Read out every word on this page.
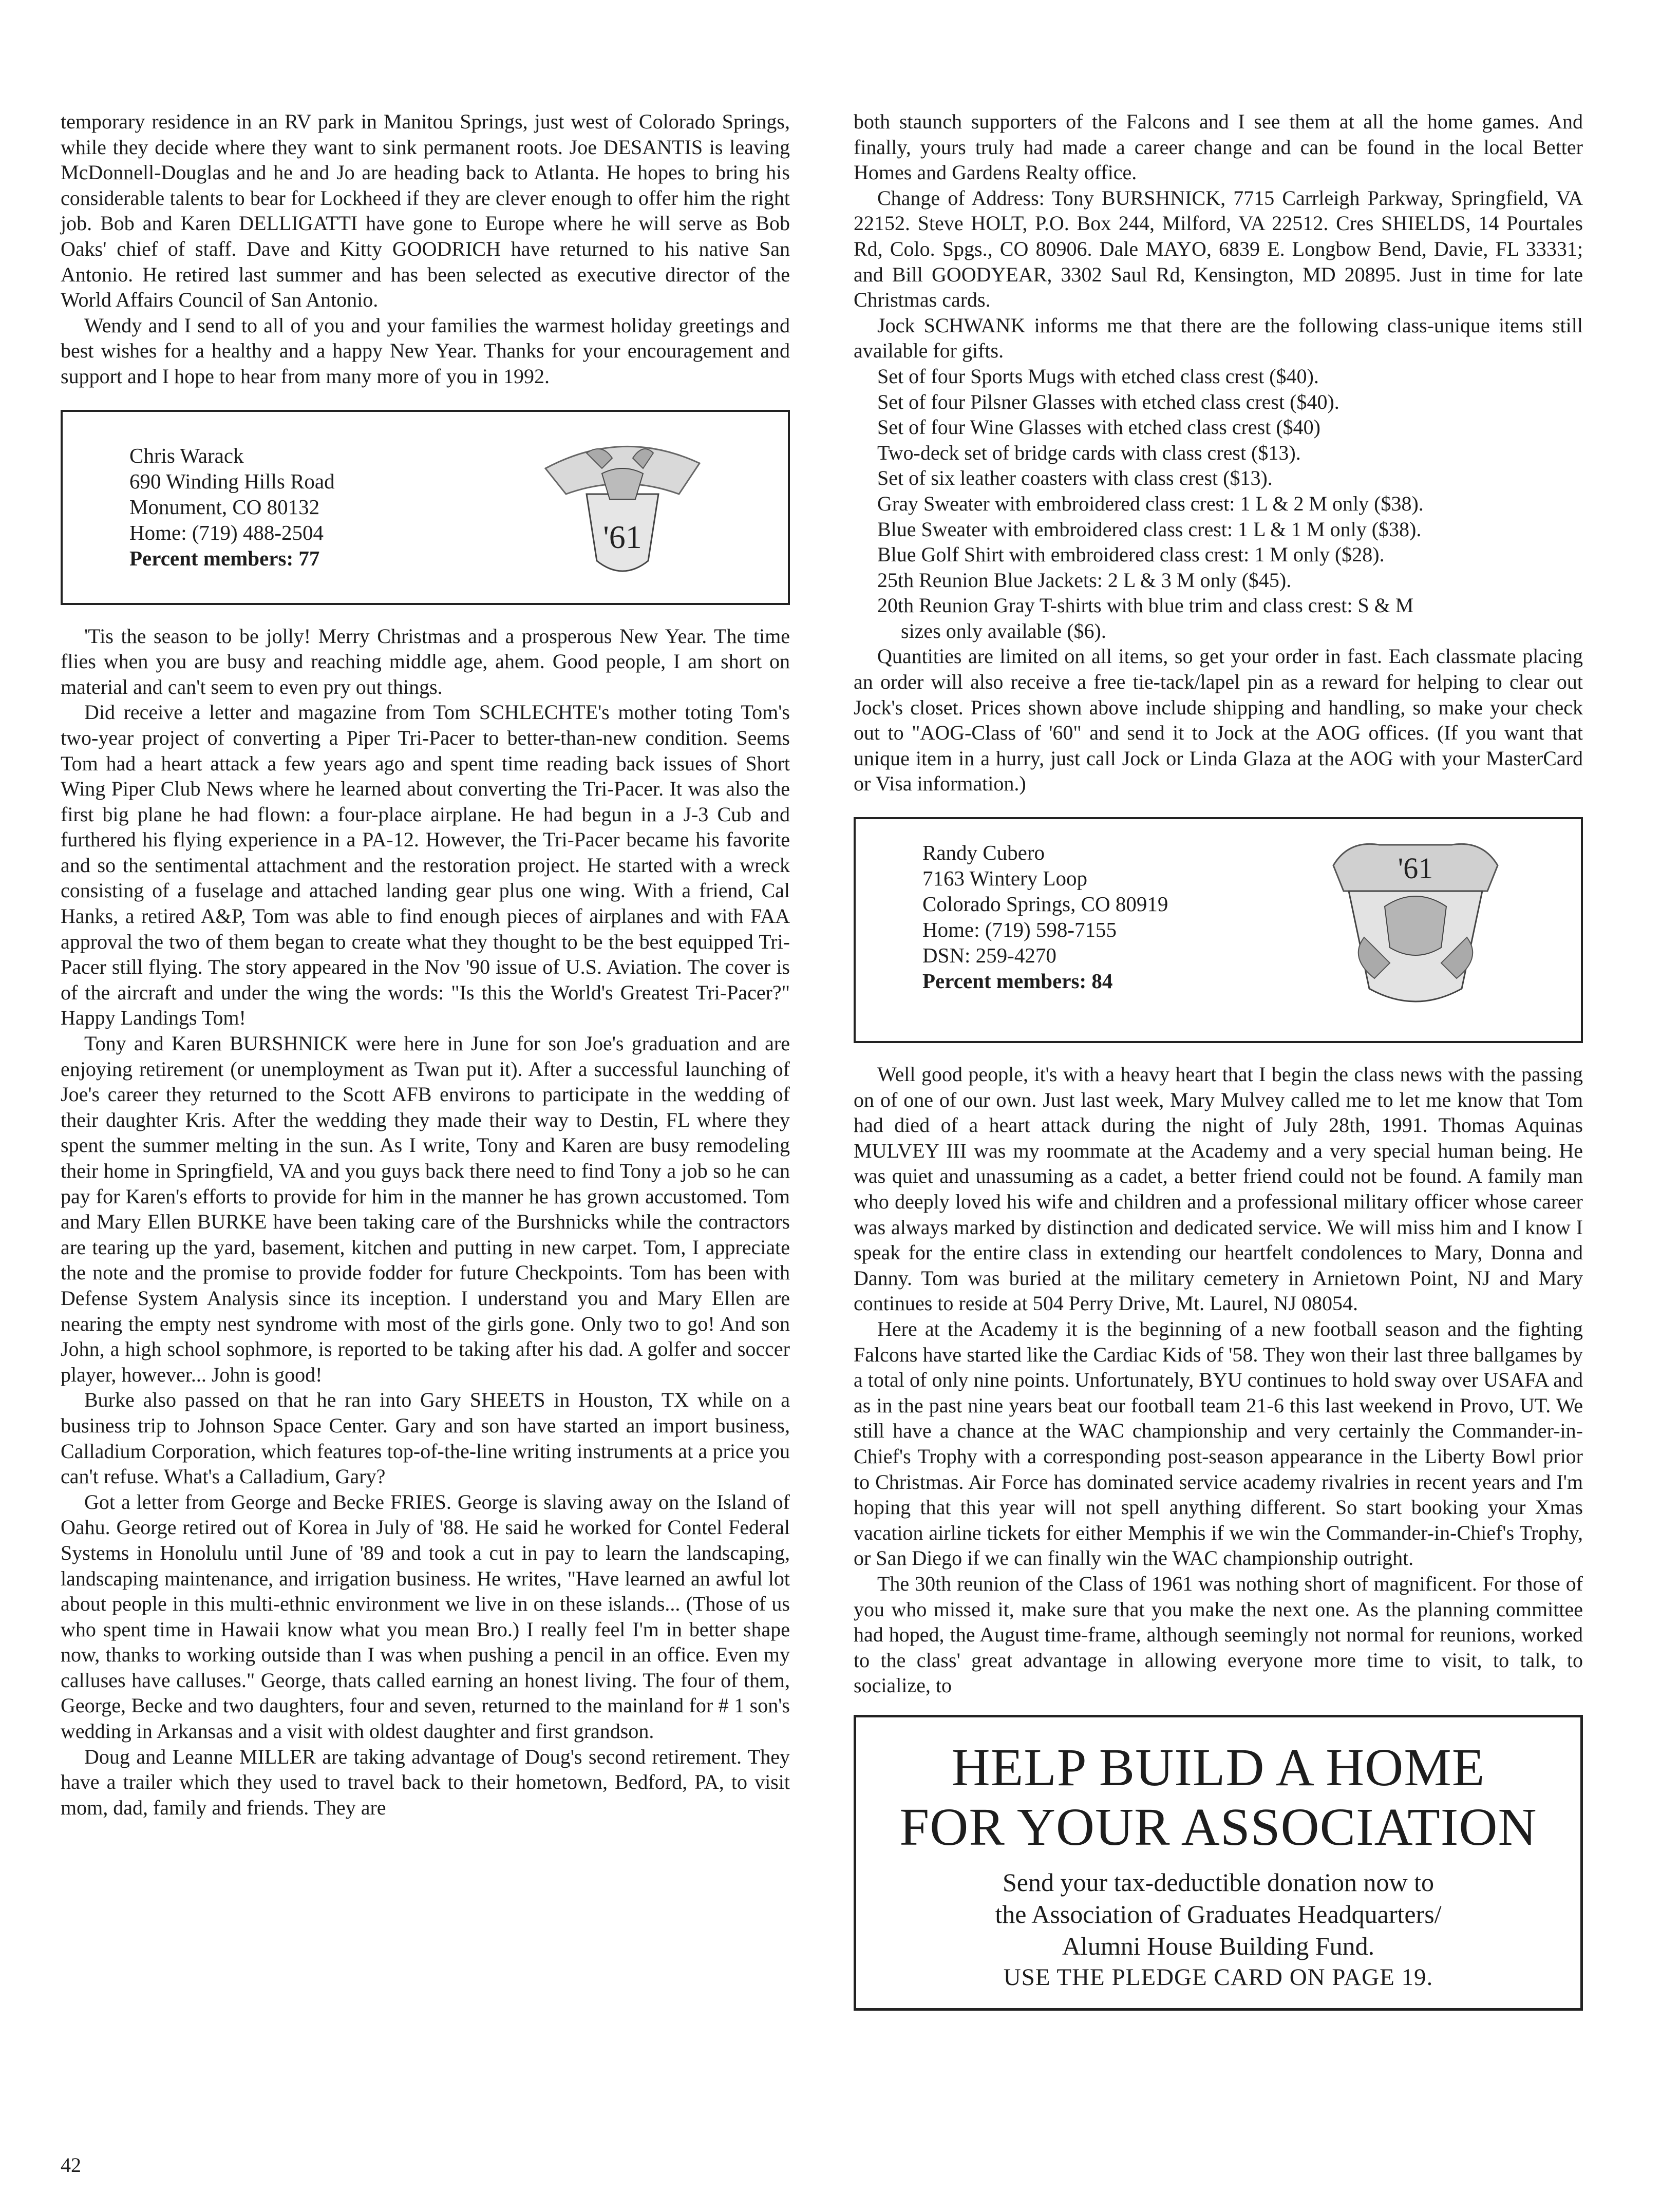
temporary residence in an RV park in Manitou Springs, just west of Colorado Springs, while they decide where they want to sink permanent roots. Joe DESANTIS is leaving McDonnell-Douglas and he and Jo are heading back to Atlanta. He hopes to bring his considerable talents to bear for Lockheed if they are clever enough to offer him the right job. Bob and Karen DELLIGATTI have gone to Europe where he will serve as Bob Oaks' chief of staff. Dave and Kitty GOODRICH have returned to his native San Antonio. He retired last summer and has been selected as executive director of the World Affairs Council of San Antonio.

Wendy and I send to all of you and your families the warmest holiday greetings and best wishes for a healthy and a happy New Year. Thanks for your encouragement and support and I hope to hear from many more of you in 1992.

Chris Warack
690 Winding Hills Road
Monument, CO 80132
Home: (719) 488-2504
Percent members: 77
'61

'Tis the season to be jolly! Merry Christmas and a prosperous New Year. The time flies when you are busy and reaching middle age, ahem. Good people, I am short on material and can't seem to even pry out things.

Did receive a letter and magazine from Tom SCHLECHTE's mother toting Tom's two-year project of converting a Piper Tri-Pacer to better-than-new condition. Seems Tom had a heart attack a few years ago and spent time reading back issues of Short Wing Piper Club News where he learned about converting the Tri-Pacer. It was also the first big plane he had flown: a four-place airplane. He had begun in a J-3 Cub and furthered his flying experience in a PA-12. However, the Tri-Pacer became his favorite and so the sentimental attachment and the restoration project. He started with a wreck consisting of a fuselage and attached landing gear plus one wing. With a friend, Cal Hanks, a retired A&P, Tom was able to find enough pieces of airplanes and with FAA approval the two of them began to create what they thought to be the best equipped Tri-Pacer still flying. The story appeared in the Nov '90 issue of U.S. Aviation. The cover is of the aircraft and under the wing the words: "Is this the World's Greatest Tri-Pacer?" Happy Landings Tom!

Tony and Karen BURSHNICK were here in June for son Joe's graduation and are enjoying retirement (or unemployment as Twan put it). After a successful launching of Joe's career they returned to the Scott AFB environs to participate in the wedding of their daughter Kris. After the wedding they made their way to Destin, FL where they spent the summer melting in the sun. As I write, Tony and Karen are busy remodeling their home in Springfield, VA and you guys back there need to find Tony a job so he can pay for Karen's efforts to provide for him in the manner he has grown accustomed. Tom and Mary Ellen BURKE have been taking care of the Burshnicks while the contractors are tearing up the yard, basement, kitchen and putting in new carpet. Tom, I appreciate the note and the promise to provide fodder for future Checkpoints. Tom has been with Defense System Analysis since its inception. I understand you and Mary Ellen are nearing the empty nest syndrome with most of the girls gone. Only two to go! And son John, a high school sophmore, is reported to be taking after his dad. A golfer and soccer player, however... John is good!

Burke also passed on that he ran into Gary SHEETS in Houston, TX while on a business trip to Johnson Space Center. Gary and son have started an import business, Calladium Corporation, which features top-of-the-line writing instruments at a price you can't refuse. What's a Calladium, Gary?

Got a letter from George and Becke FRIES. George is slaving away on the Island of Oahu. George retired out of Korea in July of '88. He said he worked for Contel Federal Systems in Honolulu until June of '89 and took a cut in pay to learn the landscaping, landscaping maintenance, and irrigation business. He writes, "Have learned an awful lot about people in this multi-ethnic environment we live in on these islands... (Those of us who spent time in Hawaii know what you mean Bro.) I really feel I'm in better shape now, thanks to working outside than I was when pushing a pencil in an office. Even my calluses have calluses." George, thats called earning an honest living. The four of them, George, Becke and two daughters, four and seven, returned to the mainland for # 1 son's wedding in Arkansas and a visit with oldest daughter and first grandson.

Doug and Leanne MILLER are taking advantage of Doug's second retirement. They have a trailer which they used to travel back to their hometown, Bedford, PA, to visit mom, dad, family and friends. They are

both staunch supporters of the Falcons and I see them at all the home games. And finally, yours truly had made a career change and can be found in the local Better Homes and Gardens Realty office.

Change of Address: Tony BURSHNICK, 7715 Carrleigh Parkway, Springfield, VA 22152. Steve HOLT, P.O. Box 244, Milford, VA 22512. Cres SHIELDS, 14 Pourtales Rd, Colo. Spgs., CO 80906. Dale MAYO, 6839 E. Longbow Bend, Davie, FL 33331; and Bill GOODYEAR, 3302 Saul Rd, Kensington, MD 20895. Just in time for late Christmas cards.

Jock SCHWANK informs me that there are the following class-unique items still available for gifts.

Set of four Sports Mugs with etched class crest ($40).
Set of four Pilsner Glasses with etched class crest ($40).
Set of four Wine Glasses with etched class crest ($40)
Two-deck set of bridge cards with class crest ($13).
Set of six leather coasters with class crest ($13).
Gray Sweater with embroidered class crest: 1 L & 2 M only ($38).
Blue Sweater with embroidered class crest: 1 L & 1 M only ($38).
Blue Golf Shirt with embroidered class crest: 1 M only ($28).
25th Reunion Blue Jackets: 2 L & 3 M only ($45).
20th Reunion Gray T-shirts with blue trim and class crest: S & M
sizes only available ($6).

Quantities are limited on all items, so get your order in fast. Each classmate placing an order will also receive a free tie-tack/lapel pin as a reward for helping to clear out Jock's closet. Prices shown above include shipping and handling, so make your check out to "AOG-Class of '60" and send it to Jock at the AOG offices. (If you want that unique item in a hurry, just call Jock or Linda Glaza at the AOG with your MasterCard or Visa information.)

Randy Cubero
7163 Wintery Loop
Colorado Springs, CO 80919
Home: (719) 598-7155
DSN: 259-4270
Percent members: 84
'61

Well good people, it's with a heavy heart that I begin the class news with the passing on of one of our own. Just last week, Mary Mulvey called me to let me know that Tom had died of a heart attack during the night of July 28th, 1991. Thomas Aquinas MULVEY III was my roommate at the Academy and a very special human being. He was quiet and unassuming as a cadet, a better friend could not be found. A family man who deeply loved his wife and children and a professional military officer whose career was always marked by distinction and dedicated service. We will miss him and I know I speak for the entire class in extending our heartfelt condolences to Mary, Donna and Danny. Tom was buried at the military cemetery in Arnietown Point, NJ and Mary continues to reside at 504 Perry Drive, Mt. Laurel, NJ 08054.

Here at the Academy it is the beginning of a new football season and the fighting Falcons have started like the Cardiac Kids of '58. They won their last three ballgames by a total of only nine points. Unfortunately, BYU continues to hold sway over USAFA and as in the past nine years beat our football team 21-6 this last weekend in Provo, UT. We still have a chance at the WAC championship and very certainly the Commander-in-Chief's Trophy with a corresponding post-season appearance in the Liberty Bowl prior to Christmas. Air Force has dominated service academy rivalries in recent years and I'm hoping that this year will not spell anything different. So start booking your Xmas vacation airline tickets for either Memphis if we win the Commander-in-Chief's Trophy, or San Diego if we can finally win the WAC championship outright.

The 30th reunion of the Class of 1961 was nothing short of magnificent. For those of you who missed it, make sure that you make the next one. As the planning committee had hoped, the August time-frame, although seemingly not normal for reunions, worked to the class' great advantage in allowing everyone more time to visit, to talk, to socialize, to

HELP BUILD A HOME
FOR YOUR ASSOCIATION
Send your tax-deductible donation now to
the Association of Graduates Headquarters/
Alumni House Building Fund.
USE THE PLEDGE CARD ON PAGE 19.
42
